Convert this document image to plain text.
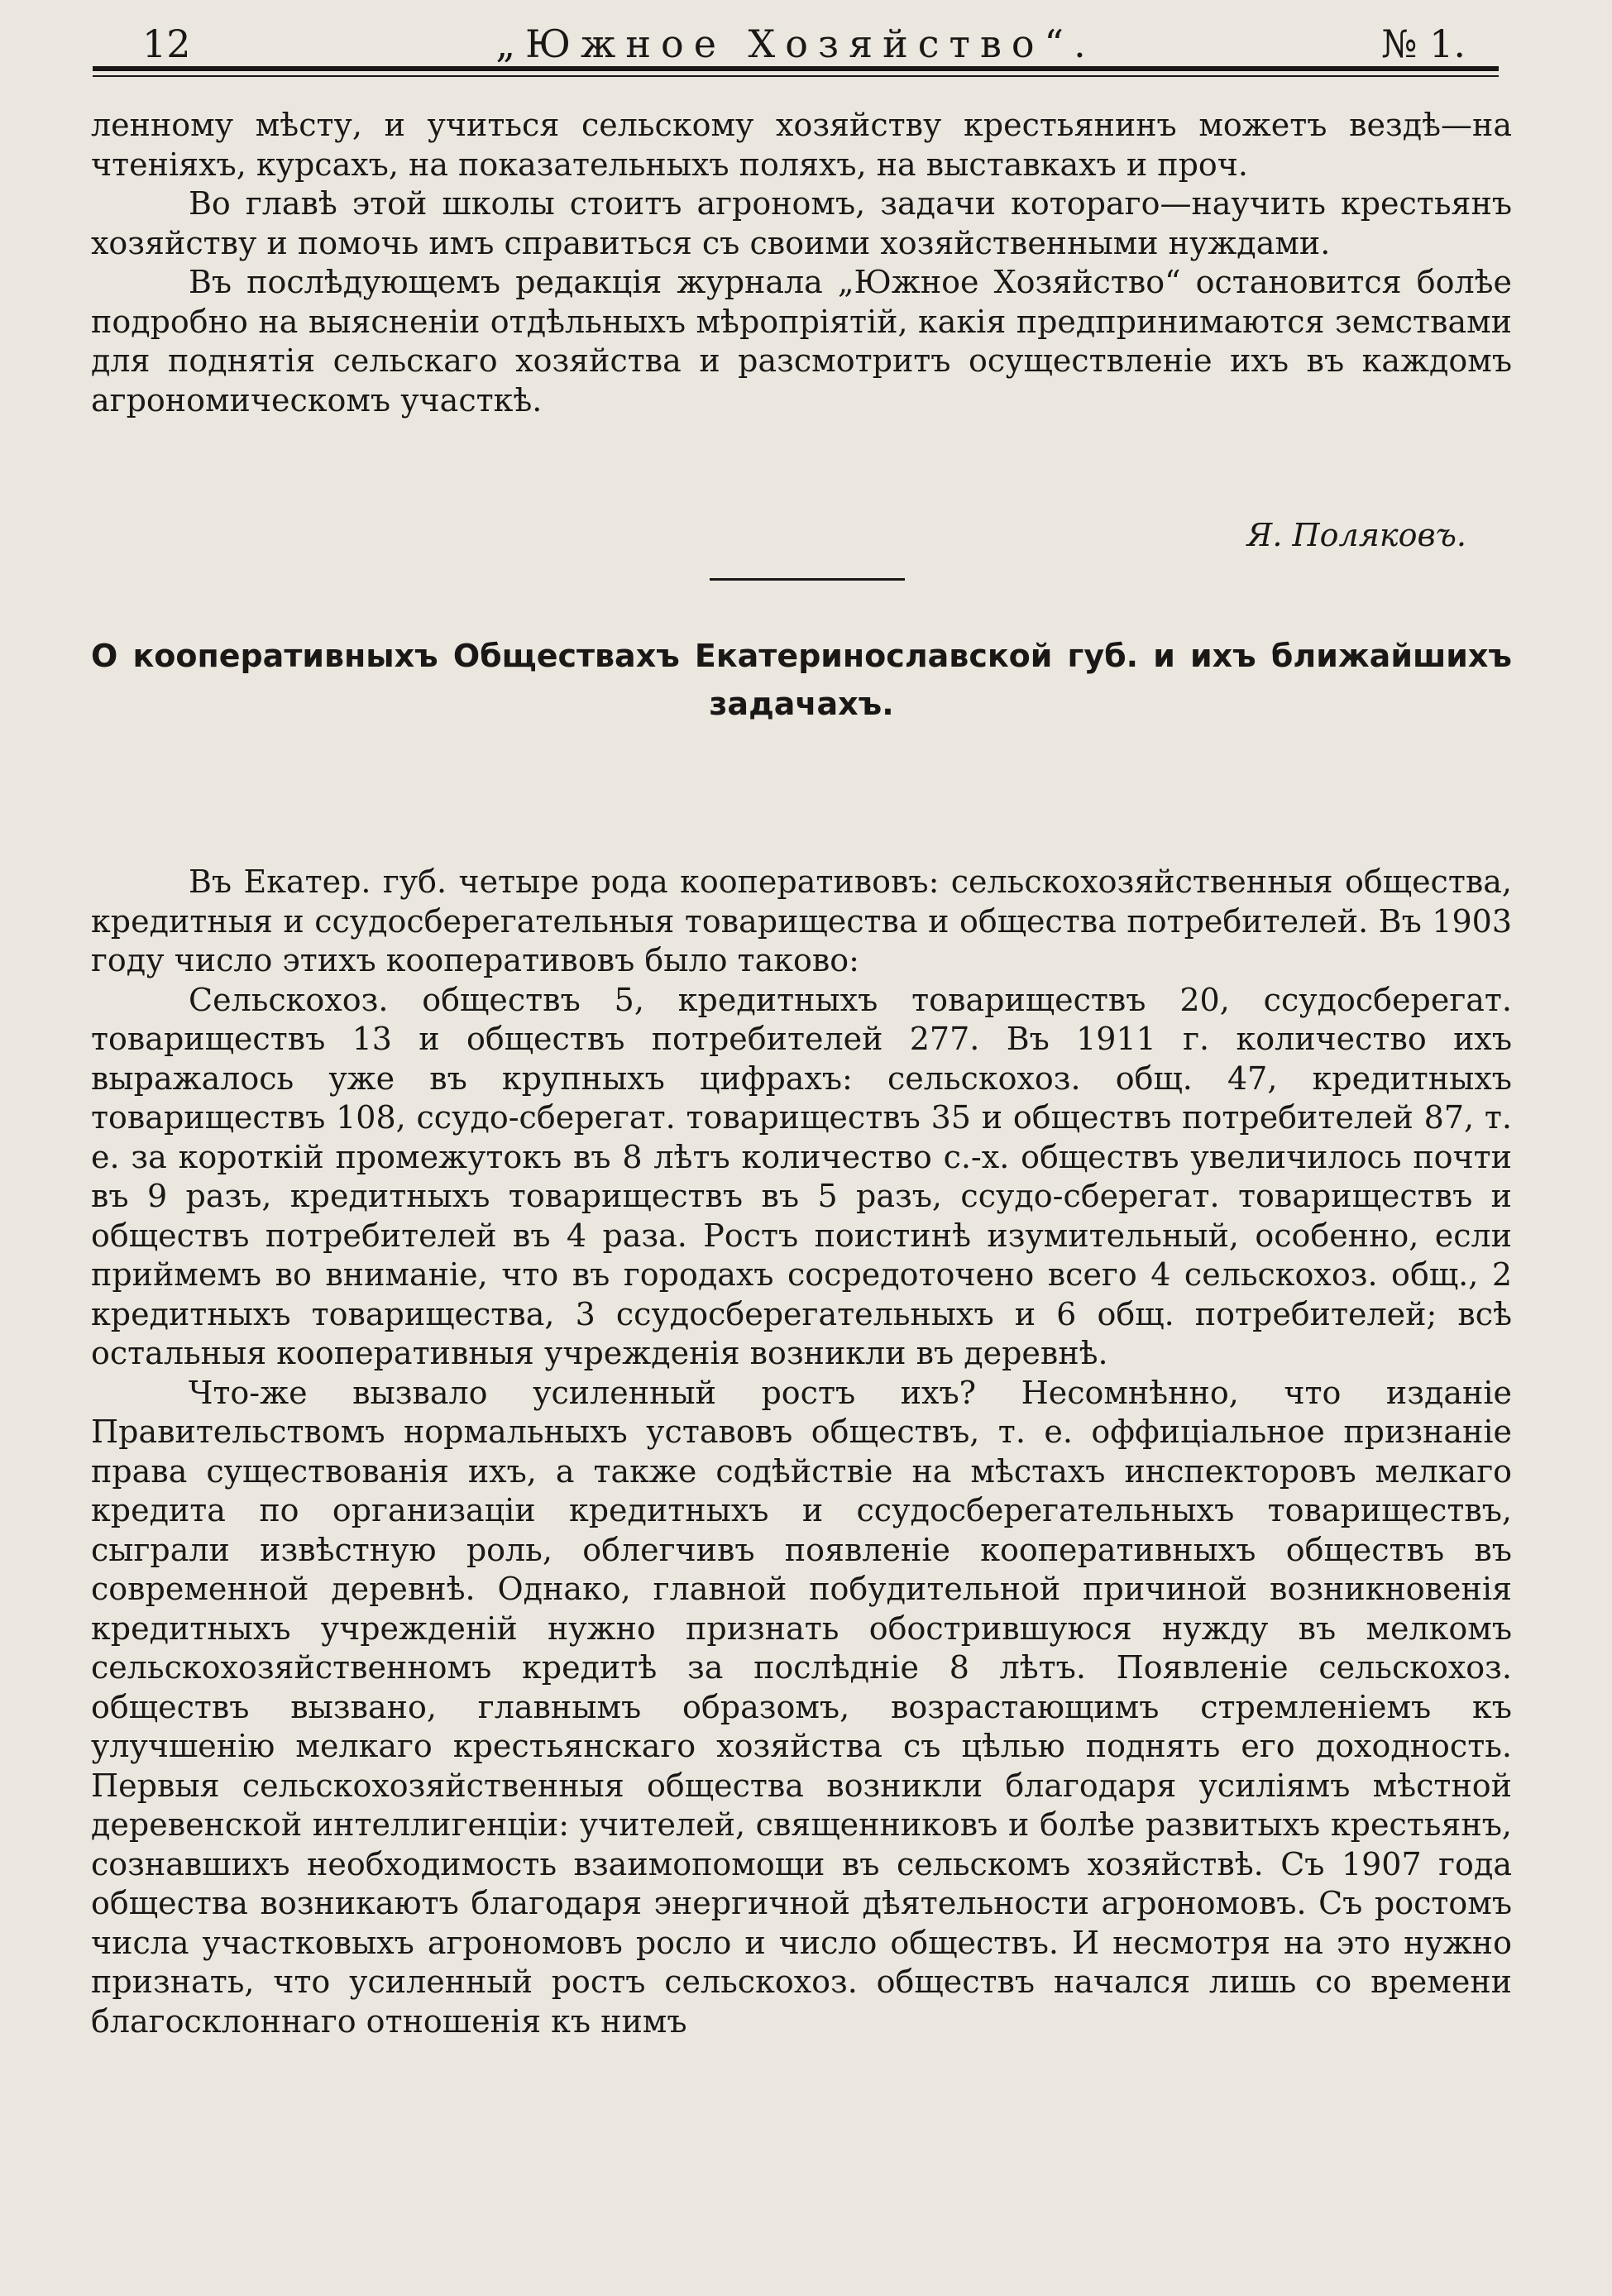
12	„Южное Хозяйство“.	№ 1.

ленному мѣсту, и учиться сельскому хозяйству крестьянинъ можетъ вездѣ—на чтеніяхъ, курсахъ, на показательныхъ поляхъ, на выставкахъ и проч.

Во главѣ этой школы стоитъ агрономъ, задачи котораго—научить крестьянъ хозяйству и помочь имъ справиться съ своими хозяйственными нуждами.

Въ послѣдующемъ редакція журнала „Южное Хозяйство“ остановится болѣе подробно на выясненіи отдѣльныхъ мѣропріятій, какія предпринимаются земствами для поднятія сельскаго хозяйства и разсмотритъ осуществленіе ихъ въ каждомъ агрономическомъ участкѣ.

Я. Поляковъ.
О кооперативныхъ Обществахъ Екатеринославской губ. и ихъ ближайшихъ задачахъ.

Въ Екатер. губ. четыре рода кооперативовъ: сельскохозяйственныя общества, кредитныя и ссудосберегательныя товарищества и общества потребителей. Въ 1903 году число этихъ кооперативовъ было таково:

Сельскохоз. обществъ 5, кредитныхъ товариществъ 20, ссудосберегат. товариществъ 13 и обществъ потребителей 277. Въ 1911 г. количество ихъ выражалось уже въ крупныхъ цифрахъ: сельскохоз. общ. 47, кредитныхъ товариществъ 108, ссудо-сберегат. товариществъ 35 и обществъ потребителей 87, т. е. за короткій промежутокъ въ 8 лѣтъ количество с.-х. обществъ увеличилось почти въ 9 разъ, кредитныхъ товариществъ въ 5 разъ, ссудо-сберегат. товариществъ и обществъ потребителей въ 4 раза. Ростъ поистинѣ изумительный, особенно, если приймемъ во вниманіе, что въ городахъ сосредоточено всего 4 сельскохоз. общ., 2 кредитныхъ товарищества, 3 ссудосберегательныхъ и 6 общ. потребителей; всѣ остальныя кооперативныя учрежденія возникли въ деревнѣ.

Что-же вызвало усиленный ростъ ихъ? Несомнѣнно, что изданіе Правительствомъ нормальныхъ уставовъ обществъ, т. е. оффиціальное признаніе права существованія ихъ, а также содѣйствіе на мѣстахъ инспекторовъ мелкаго кредита по организаціи кредитныхъ и ссудосберегательныхъ товариществъ, сыграли извѣстную роль, облегчивъ появленіе кооперативныхъ обществъ въ современной деревнѣ. Однако, главной побудительной причиной возникновенія кредитныхъ учрежденій нужно признать обострившуюся нужду въ мелкомъ сельскохозяйственномъ кредитѣ за послѣдніе 8 лѣтъ. Появленіе сельскохоз. обществъ вызвано, главнымъ образомъ, возрастающимъ стремленіемъ къ улучшенію мелкаго крестьянскаго хозяйства съ цѣлью поднять его доходность. Первыя сельскохозяйственныя общества возникли благодаря усиліямъ мѣстной деревенской интеллигенціи: учителей, священниковъ и болѣе развитыхъ крестьянъ, сознавшихъ необходимость взаимопомощи въ сельскомъ хозяйствѣ. Съ 1907 года общества возникаютъ благодаря энергичной дѣятельности агрономовъ. Съ ростомъ числа участковыхъ агрономовъ росло и число обществъ. И несмотря на это нужно признать, что усиленный ростъ сельскохоз. обществъ начался лишь со времени благосклоннаго отношенія къ нимъ
